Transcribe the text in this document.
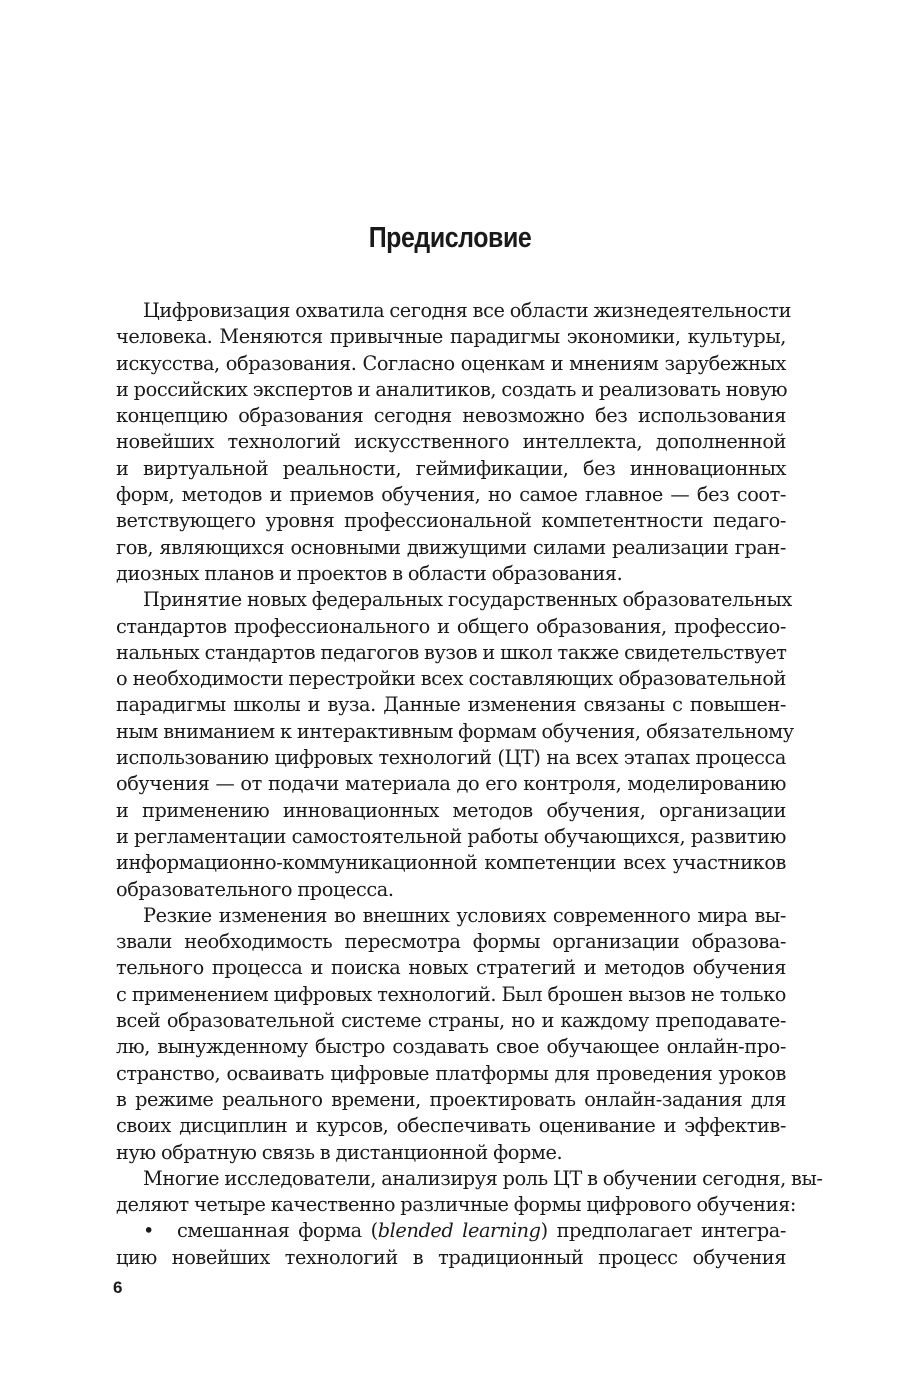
Предисловие
Цифровизация охватила сегодня все области жизнедеятельности
человека. Меняются привычные парадигмы экономики, культуры,
искусства, образования. Согласно оценкам и мнениям зарубежных
и российских экспертов и аналитиков, создать и реализовать новую
концепцию образования сегодня невозможно без использования
новейших технологий искусственного интеллекта, дополненной
и виртуальной реальности, геймификации, без инновационных
форм, методов и приемов обучения, но самое главное — без соот-
ветствующего уровня профессиональной компетентности педаго-
гов, являющихся основными движущими силами реализации гран-
диозных планов и проектов в области образования.
Принятие новых федеральных государственных образовательных
стандартов профессионального и общего образования, профессио-
нальных стандартов педагогов вузов и школ также свидетельствует
о необходимости перестройки всех составляющих образовательной
парадигмы школы и вуза. Данные изменения связаны с повышен-
ным вниманием к интерактивным формам обучения, обязательному
использованию цифровых технологий (ЦТ) на всех этапах процесса
обучения — от подачи материала до его контроля, моделированию
и применению инновационных методов обучения, организации
и регламентации самостоятельной работы обучающихся, развитию
информационно-коммуникационной компетенции всех участников
образовательного процесса.
Резкие изменения во внешних условиях современного мира вы-
звали необходимость пересмотра формы организации образова-
тельного процесса и поиска новых стратегий и методов обучения
с применением цифровых технологий. Был брошен вызов не только
всей образовательной системе страны, но и каждому преподавате-
лю, вынужденному быстро создавать свое обучающее онлайн-про-
странство, осваивать цифровые платформы для проведения уроков
в режиме реального времени, проектировать онлайн-задания для
своих дисциплин и курсов, обеспечивать оценивание и эффектив-
ную обратную связь в дистанционной форме.
Многие исследователи, анализируя роль ЦТ в обучении сегодня, вы-
деляют четыре качественно различные формы цифрового обучения:
• смешанная форма (blended learning) предполагает интегра-
цию новейших технологий в традиционный процесс обучения

6
